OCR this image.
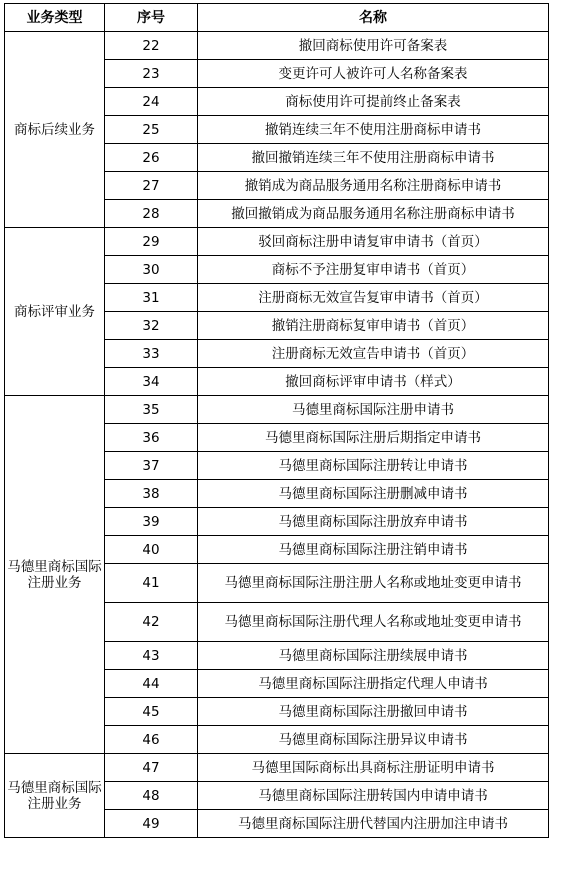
业务类型	序号	名称
商标后续业务	22	撤回商标使用许可备案表
	23	变更许可人被许可人名称备案表
	24	商标使用许可提前终止备案表
	25	撤销连续三年不使用注册商标申请书
	26	撤回撤销连续三年不使用注册商标申请书
	27	撤销成为商品服务通用名称注册商标申请书
	28	撤回撤销成为商品服务通用名称注册商标申请书
商标评审业务	29	驳回商标注册申请复审申请书（首页）
	30	商标不予注册复审申请书（首页）
	31	注册商标无效宣告复审申请书（首页）
	32	撤销注册商标复审申请书（首页）
	33	注册商标无效宣告申请书（首页）
	34	撤回商标评审申请书（样式）
马德里商标国际注册业务	35	马德里商标国际注册申请书
	36	马德里商标国际注册后期指定申请书
	37	马德里商标国际注册转让申请书
	38	马德里商标国际注册删减申请书
	39	马德里商标国际注册放弃申请书
	40	马德里商标国际注册注销申请书
	41	马德里商标国际注册注册人名称或地址变更申请书
	42	马德里商标国际注册代理人名称或地址变更申请书
	43	马德里商标国际注册续展申请书
	44	马德里商标国际注册指定代理人申请书
	45	马德里商标国际注册撤回申请书
	46	马德里商标国际注册异议申请书
马德里商标国际注册业务	47	马德里国际商标出具商标注册证明申请书
	48	马德里商标国际注册转国内申请申请书
	49	马德里商标国际注册代替国内注册加注申请书
